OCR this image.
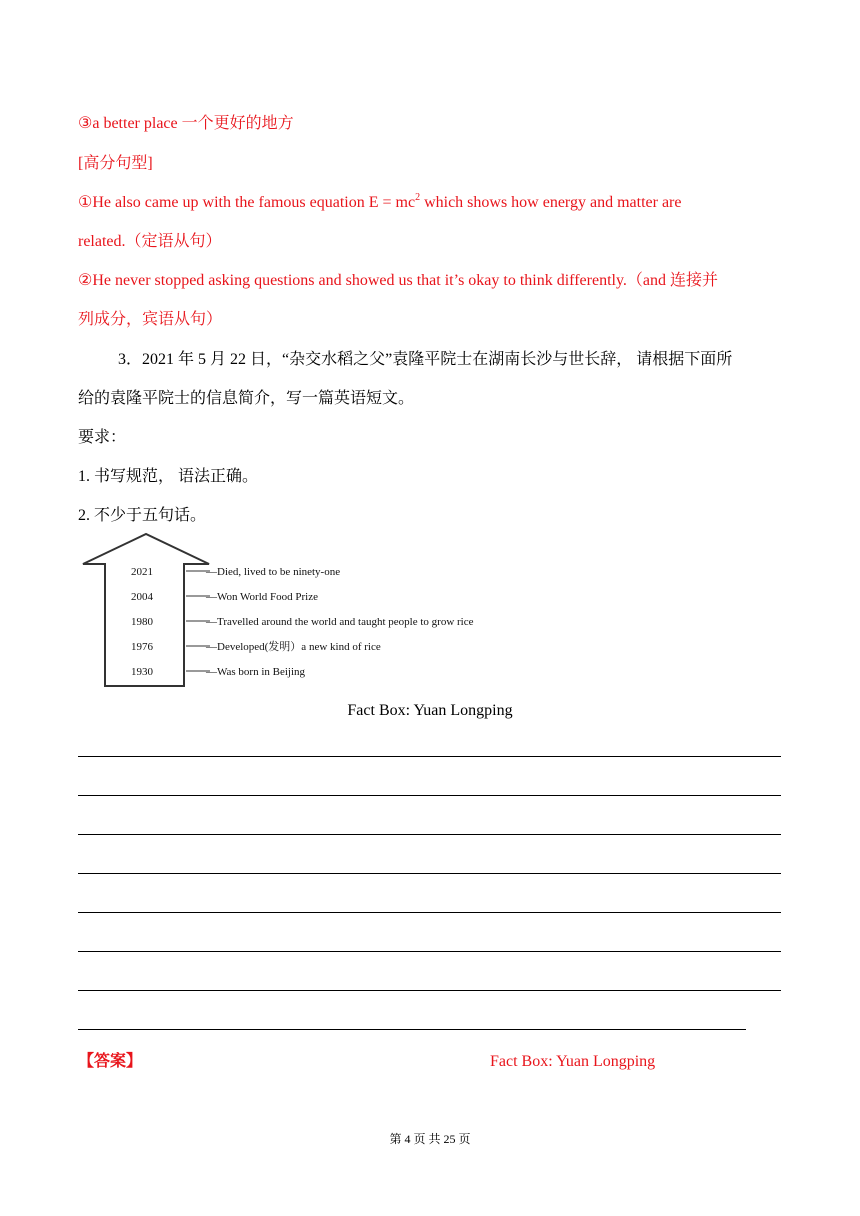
③a better place 一个更好的地方
[高分句型]
①He also came up with the famous equation $E = mc^2$ which shows how energy and matter are
related.（定语从句）
②He never stopped asking questions and showed us that it’s okay to think differently.（and 连接并
列成分，宾语从句）
3．2021 年 5 月 22 日，“杂交水稻之父”袁隆平院士在湖南长沙与世长辞， 请根据下面所
给的袁隆平院士的信息简介，写一篇英语短文。
要求：
1. 书写规范， 语法正确。
2. 不少于五句话。
2021	—Died, lived to be ninety-one
2004	—Won World Food Prize
1980	—Travelled around the world and taught people to grow rice
1976	—Developed(发明）a new kind of rice
1930	—Was born in Beijing
Fact Box: Yuan Longping
【答案】	Fact Box: Yuan Longping
第 4 页 共 25 页
